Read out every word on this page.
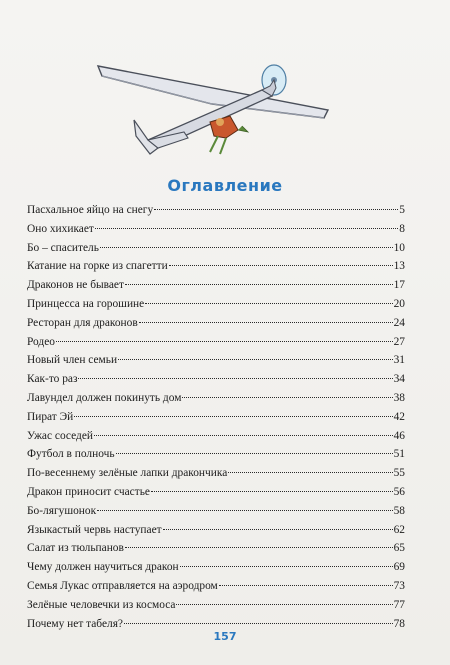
Оглавление
Пасхальное яйцо на снегу	5
Оно хихикает	8
Бо – спаситель	10
Катание на горке из спагетти	13
Драконов не бывает	17
Принцесса на горошине	20
Ресторан для драконов	24
Родео	27
Новый член семьи	31
Как-то раз	34
Лавундел должен покинуть дом	38
Пират Эй	42
Ужас соседей	46
Футбол в полночь	51
По-весеннему зелёные лапки дракончика	55
Дракон приносит счастье	56
Бо-лягушонок	58
Языкастый червь наступает	62
Салат из тюльпанов	65
Чему должен научиться дракон	69
Семья Лукас отправляется на аэродром	73
Зелёные человечки из космоса	77
Почему нет табеля?	78
157
